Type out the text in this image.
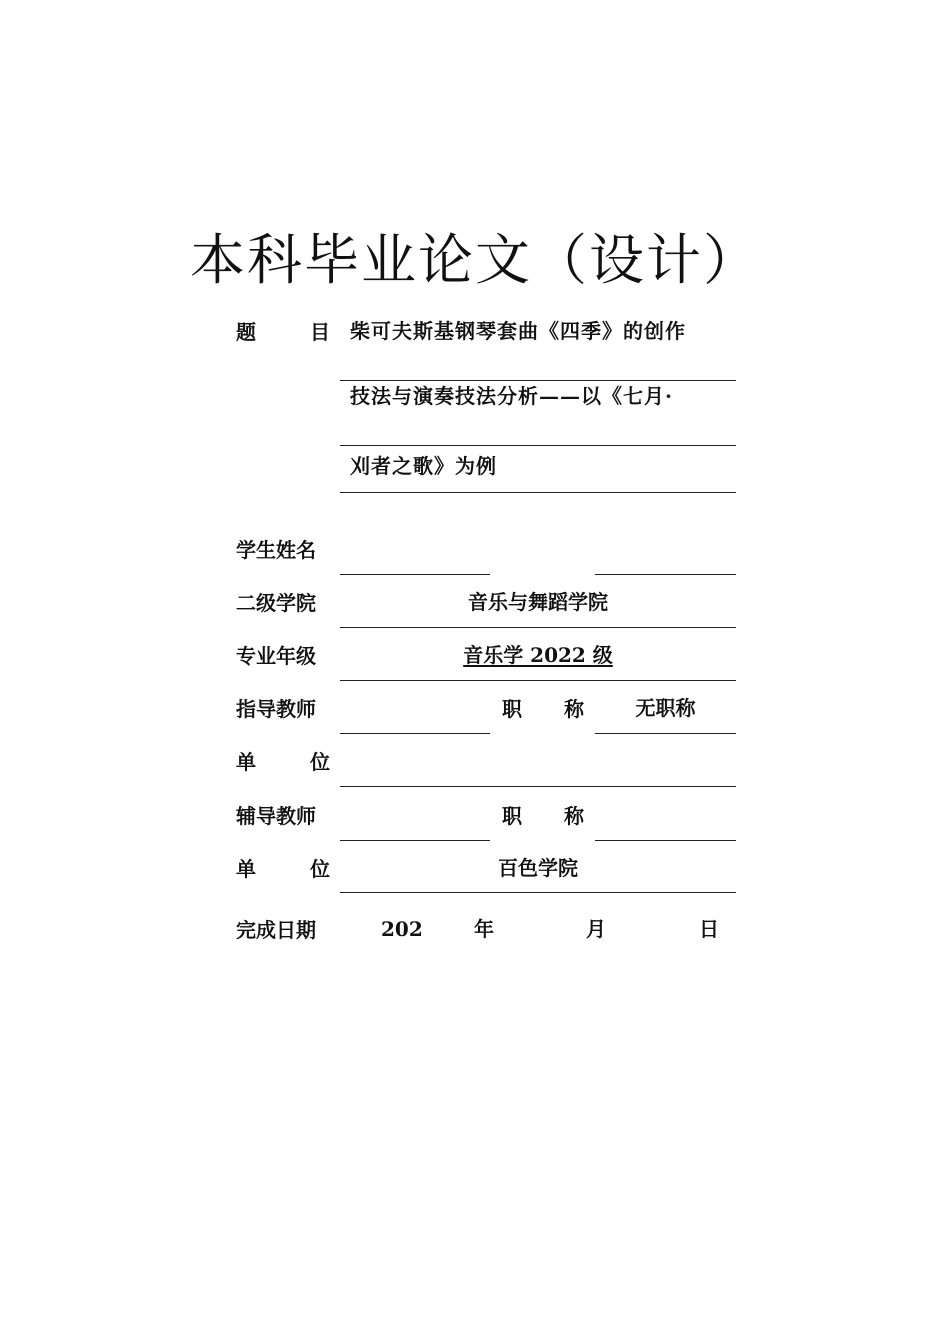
本科毕业论文（设计）
题	目 柴可夫斯基钢琴套曲《四季》的创作
技法与演奏技法分析——以《七月·
刈者之歌》为例
学生姓名
二级学院	音乐与舞蹈学院
专业年级	音乐学 2022 级
指导教师	职 称	无职称
单	位
辅导教师	职 称
单	位	百色学院
完成日期	202	年	月	日
